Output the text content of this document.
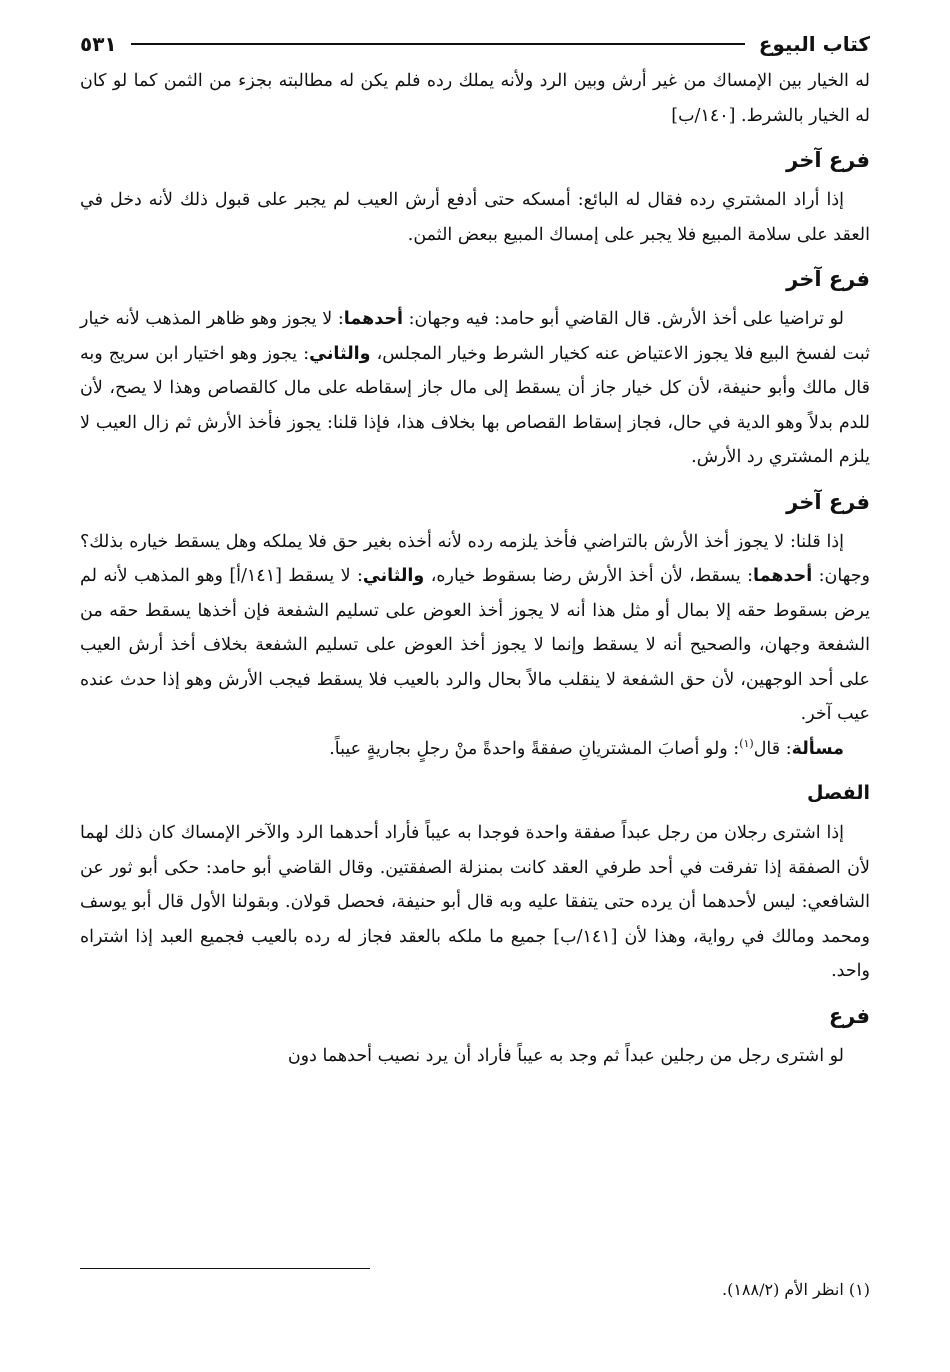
كتاب البيوع
٥٣١

له الخيار بين الإمساك من غير أرش وبين الرد ولأنه يملك رده فلم يكن له مطالبته بجزء من الثمن كما لو كان له الخيار بالشرط. [١٤٠/ب]

فرع آخر

إذا أراد المشتري رده فقال له البائع: أمسكه حتى أدفع أرش العيب لم يجبر على قبول ذلك لأنه دخل في العقد على سلامة المبيع فلا يجبر على إمساك المبيع ببعض الثمن.

فرع آخر

لو تراضيا على أخذ الأرش. قال القاضي أبو حامد: فيه وجهان: أحدهما: لا يجوز وهو ظاهر المذهب لأنه خيار ثبت لفسخ البيع فلا يجوز الاعتياض عنه كخيار الشرط وخيار المجلس، والثاني: يجوز وهو اختيار ابن سريج وبه قال مالك وأبو حنيفة، لأن كل خيار جاز أن يسقط إلى مال جاز إسقاطه على مال كالقصاص وهذا لا يصح، لأن للدم بدلاً وهو الدية في حال، فجاز إسقاط القصاص بها بخلاف هذا، فإذا قلنا: يجوز فأخذ الأرش ثم زال العيب لا يلزم المشتري رد الأرش.

فرع آخر

إذا قلنا: لا يجوز أخذ الأرش بالتراضي فأخذ يلزمه رده لأنه أخذه بغير حق فلا يملكه وهل يسقط خياره بذلك؟ وجهان: أحدهما: يسقط، لأن أخذ الأرش رضا بسقوط خياره، والثاني: لا يسقط [١٤١/أ] وهو المذهب لأنه لم يرض بسقوط حقه إلا بمال أو مثل هذا أنه لا يجوز أخذ العوض على تسليم الشفعة فإن أخذها يسقط حقه من الشفعة وجهان، والصحيح أنه لا يسقط وإنما لا يجوز أخذ العوض على تسليم الشفعة بخلاف أخذ أرش العيب على أحد الوجهين، لأن حق الشفعة لا ينقلب مالاً بحال والرد بالعيب فلا يسقط فيجب الأرش وهو إذا حدث عنده عيب آخر.

مسألة: قال$^{(١)}$: ولو أصابَ المشتريانِ صفقةً واحدةً منْ رجلٍ بجاريةٍ عيباً.

الفصل

إذا اشترى رجلان من رجل عبداً صفقة واحدة فوجدا به عيباً فأراد أحدهما الرد والآخر الإمساك كان ذلك لهما لأن الصفقة إذا تفرقت في أحد طرفي العقد كانت بمنزلة الصفقتين. وقال القاضي أبو حامد: حكى أبو ثور عن الشافعي: ليس لأحدهما أن يرده حتى يتفقا عليه وبه قال أبو حنيفة، فحصل قولان. وبقولنا الأول قال أبو يوسف ومحمد ومالك في رواية، وهذا لأن [١٤١/ب] جميع ما ملكه بالعقد فجاز له رده بالعيب فجميع العبد إذا اشتراه واحد.

فرع

لو اشترى رجل من رجلين عبداً ثم وجد به عيباً فأراد أن يرد نصيب أحدهما دون

(١) انظر الأم (١٨٨/٢).
